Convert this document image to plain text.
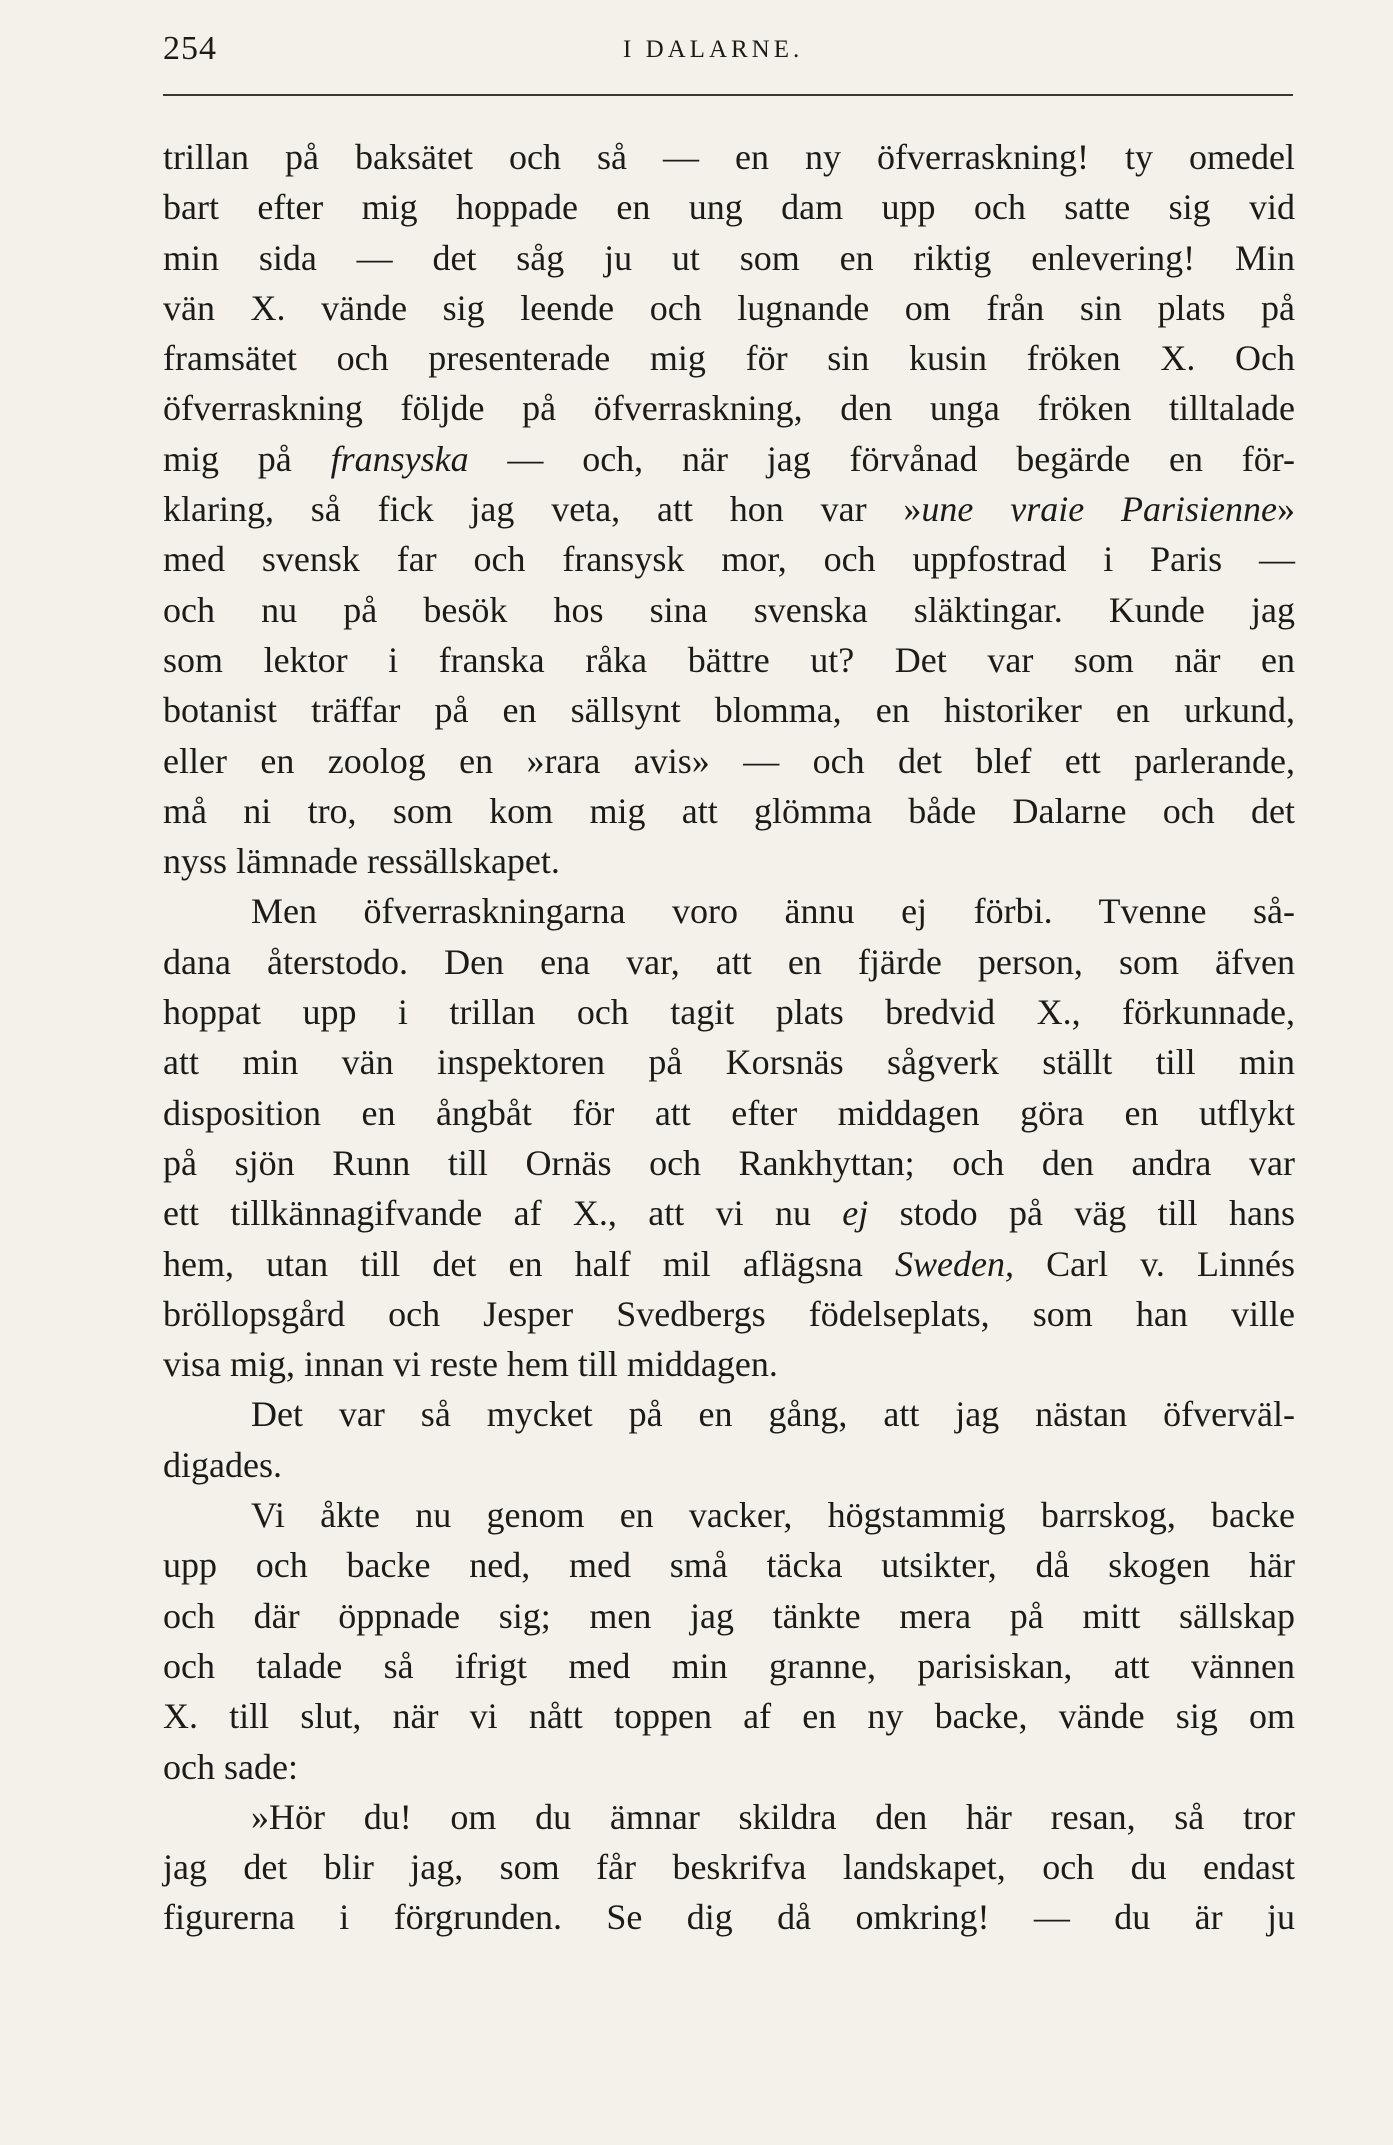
254	I DALARNE.
trillan på baksätet och så — en ny öfverraskning! ty omedel
bart efter mig hoppade en ung dam upp och satte sig vid
min sida — det såg ju ut som en riktig enlevering! Min
vän X. vände sig leende och lugnande om från sin plats på
framsätet och presenterade mig för sin kusin fröken X. Och
öfverraskning följde på öfverraskning, den unga fröken tilltalade
mig på fransyska — och, när jag förvånad begärde en för-
klaring, så fick jag veta, att hon var »une vraie Parisienne»
med svensk far och fransysk mor, och uppfostrad i Paris —
och nu på besök hos sina svenska släktingar. Kunde jag
som lektor i franska råka bättre ut? Det var som när en
botanist träffar på en sällsynt blomma, en historiker en urkund,
eller en zoolog en »rara avis» — och det blef ett parlerande,
må ni tro, som kom mig att glömma både Dalarne och det
nyss lämnade ressällskapet.
Men öfverraskningarna voro ännu ej förbi. Tvenne så-
dana återstodo. Den ena var, att en fjärde person, som äfven
hoppat upp i trillan och tagit plats bredvid X., förkunnade,
att min vän inspektoren på Korsnäs sågverk ställt till min
disposition en ångbåt för att efter middagen göra en utflykt
på sjön Runn till Ornäs och Rankhyttan; och den andra var
ett tillkännagifvande af X., att vi nu ej stodo på väg till hans
hem, utan till det en half mil aflägsna Sweden, Carl v. Linnés
bröllopsgård och Jesper Svedbergs födelseplats, som han ville
visa mig, innan vi reste hem till middagen.
Det var så mycket på en gång, att jag nästan öfverväl-
digades.
Vi åkte nu genom en vacker, högstammig barrskog, backe
upp och backe ned, med små täcka utsikter, då skogen här
och där öppnade sig; men jag tänkte mera på mitt sällskap
och talade så ifrigt med min granne, parisiskan, att vännen
X. till slut, när vi nått toppen af en ny backe, vände sig om
och sade:
»Hör du! om du ämnar skildra den här resan, så tror
jag det blir jag, som får beskrifva landskapet, och du endast
figurerna i förgrunden. Se dig då omkring! — du är ju
